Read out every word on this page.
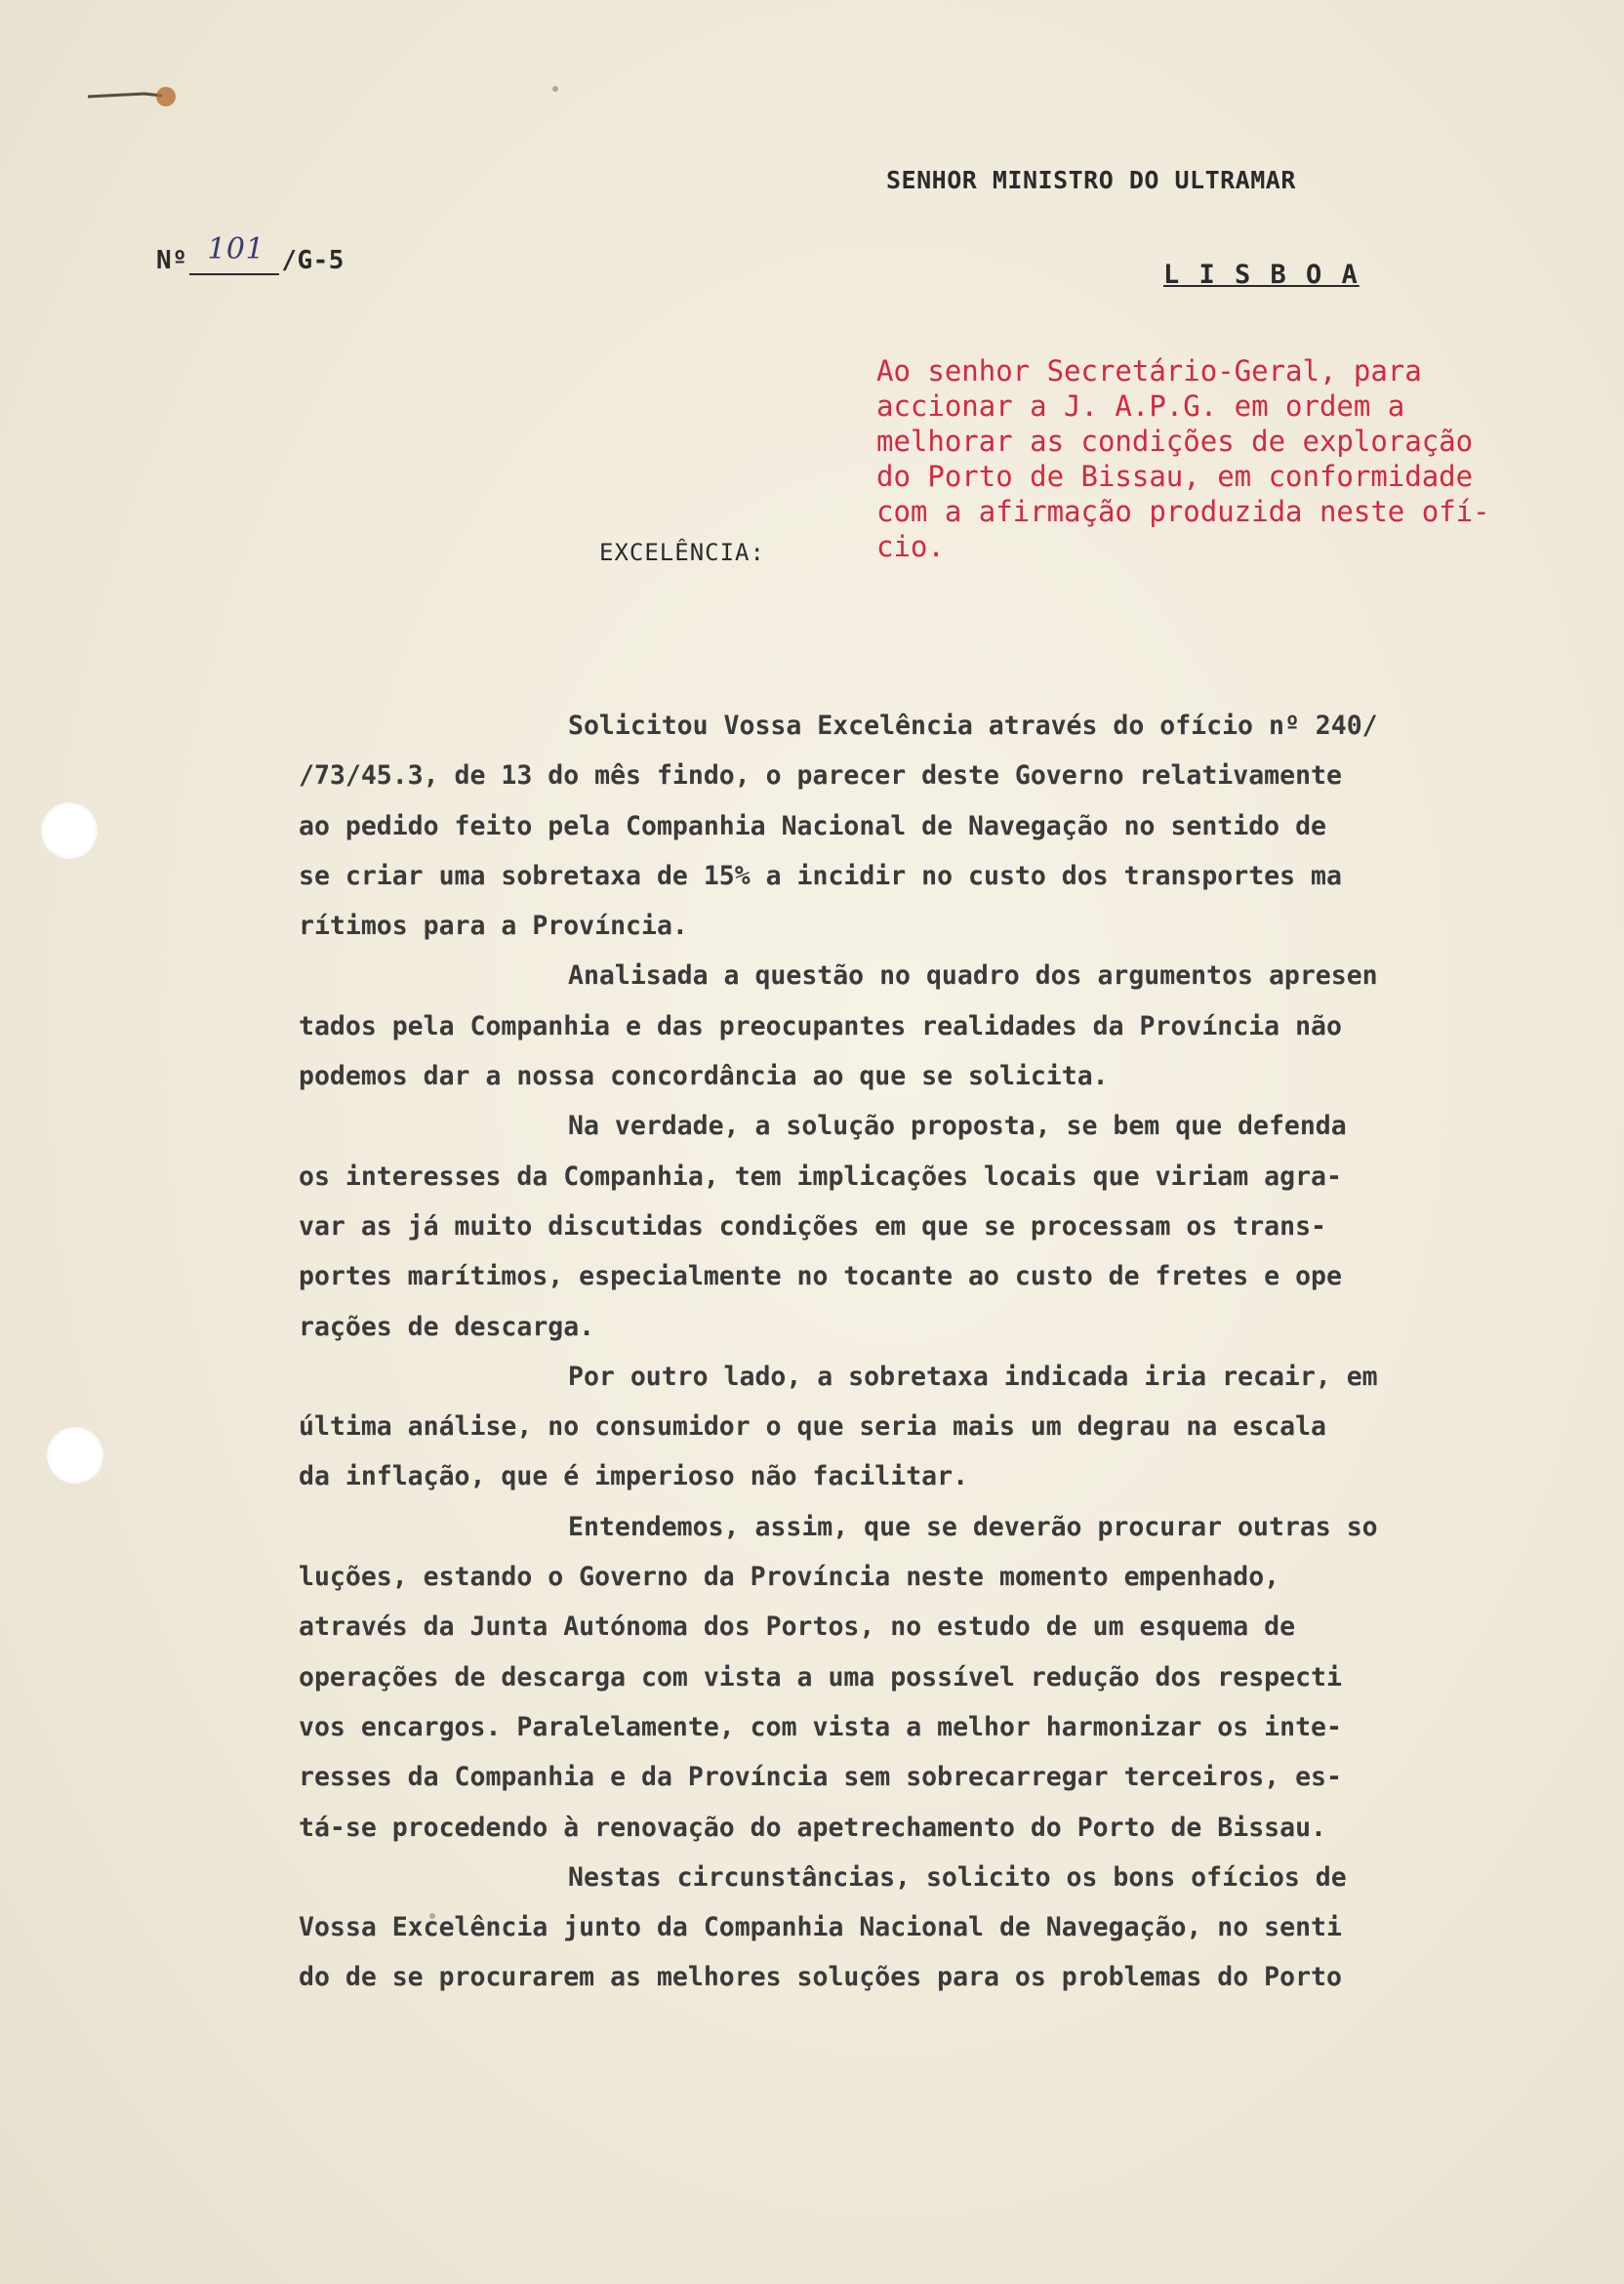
SENHOR MINISTRO DO ULTRAMAR
Nº

101

/G-5	L I S B O A
Ao senhor Secretário-Geral, para
accionar a J. A.P.G. em ordem a
melhorar as condições de exploração
do Porto de Bissau, em conformidade
com a afirmação produzida neste ofí-
cio.
EXCELÊNCIA:
Solicitou Vossa Excelência através do ofício nº 240/
/73/45.3, de 13 do mês findo, o parecer deste Governo relativamente
ao pedido feito pela Companhia Nacional de Navegação no sentido de
se criar uma sobretaxa de 15% a incidir no custo dos transportes ma
rítimos para a Província.
Analisada a questão no quadro dos argumentos apresen
tados pela Companhia e das preocupantes realidades da Província não
podemos dar a nossa concordância ao que se solicita.
Na verdade, a solução proposta, se bem que defenda
os interesses da Companhia, tem implicações locais que viriam agra-
var as já muito discutidas condições em que se processam os trans-
portes marítimos, especialmente no tocante ao custo de fretes e ope
rações de descarga.
Por outro lado, a sobretaxa indicada iria recair, em
última análise, no consumidor o que seria mais um degrau na escala
da inflação, que é imperioso não facilitar.
Entendemos, assim, que se deverão procurar outras so
luções, estando o Governo da Província neste momento empenhado,
através da Junta Autónoma dos Portos, no estudo de um esquema de
operações de descarga com vista a uma possível redução dos respecti
vos encargos. Paralelamente, com vista a melhor harmonizar os inte-
resses da Companhia e da Província sem sobrecarregar terceiros, es-
tá-se procedendo à renovação do apetrechamento do Porto de Bissau.
Nestas circunstâncias, solicito os bons ofícios de
Vossa Excelência junto da Companhia Nacional de Navegação, no senti
do de se procurarem as melhores soluções para os problemas do Porto
